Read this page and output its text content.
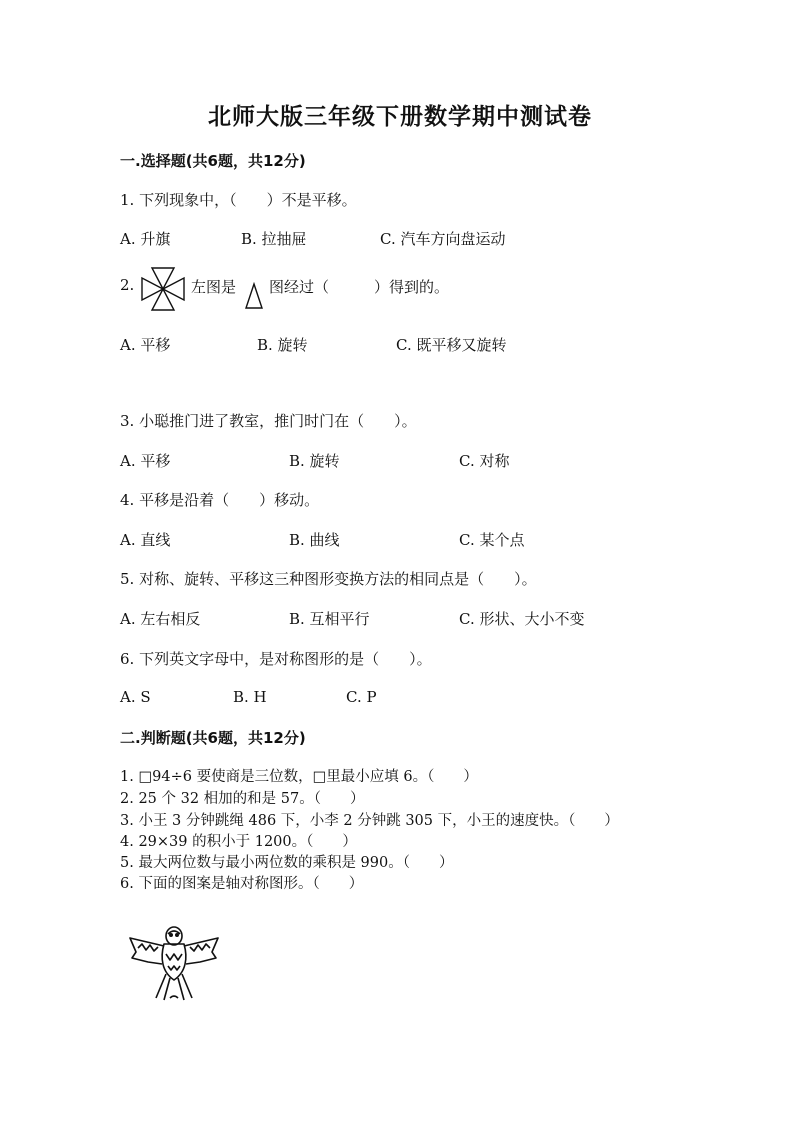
北师大版三年级下册数学期中测试卷
一.选择题(共6题，共12分)
1. 下列现象中，（　　）不是平移。
A. 升旗	B. 拉抽屉	C. 汽车方向盘运动
2.	左图是 图经过（　　　）得到的。
A. 平移	B. 旋转	C. 既平移又旋转
3. 小聪推门进了教室，推门时门在（　　）。
A. 平移	B. 旋转	C. 对称
4. 平移是沿着（　　）移动。
A. 直线	B. 曲线	C. 某个点
5. 对称、旋转、平移这三种图形变换方法的相同点是（　　）。
A. 左右相反	B. 互相平行	C. 形状、大小不变
6. 下列英文字母中，是对称图形的是（　　）。
A. S	B. H	C. P
二.判断题(共6题，共12分)
1. □94÷6 要使商是三位数，□里最小应填 6。（　　）
2. 25 个 32 相加的和是 57。（　　）
3. 小王 3 分钟跳绳 486 下，小李 2 分钟跳 305 下，小王的速度快。（　　）
4. 29×39 的积小于 1200。（　　）
5. 最大两位数与最小两位数的乘积是 990。（　　）
6. 下面的图案是轴对称图形。（　　）
